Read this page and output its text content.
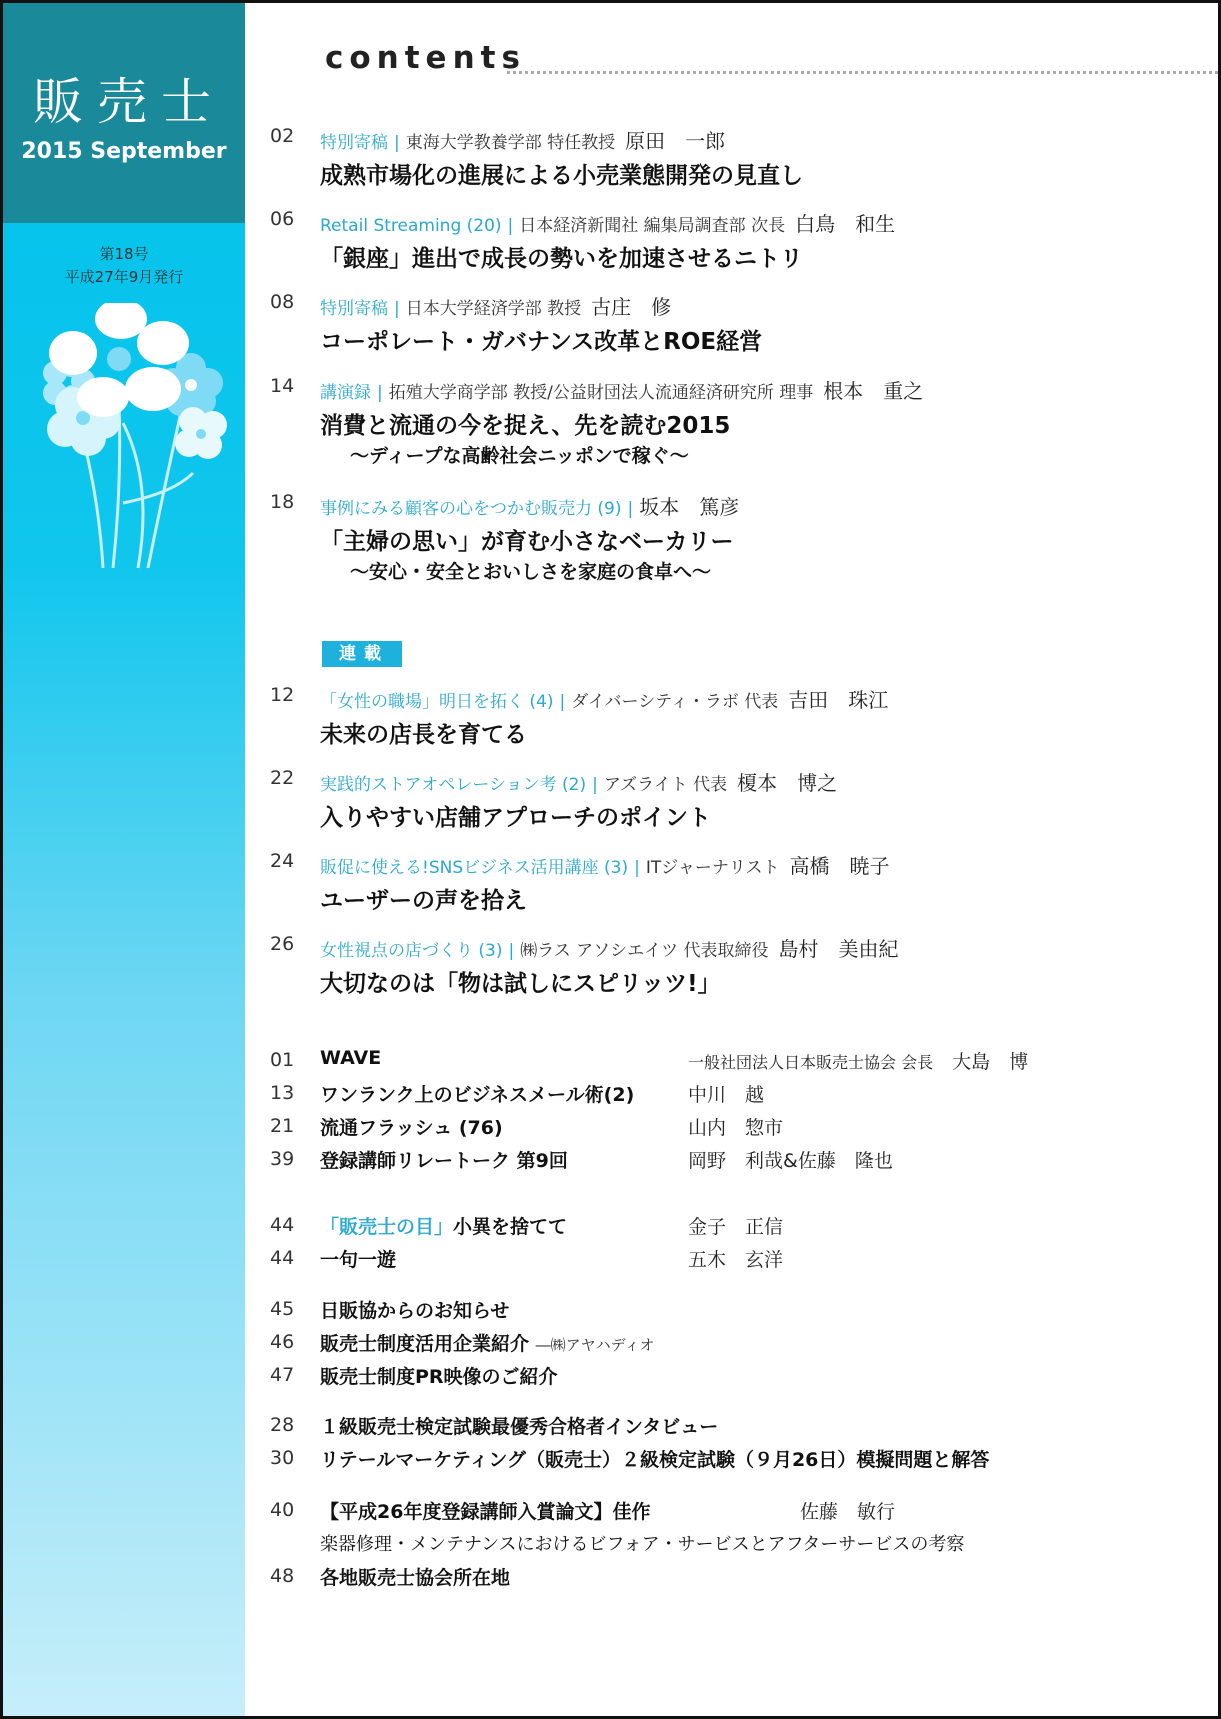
販売士
2015 September
第18号
平成27年9月発行
contents
02	特別寄稿 | 東海大学教養学部 特任教授 原田　一郎
成熟市場化の進展による小売業態開発の見直し
06	Retail Streaming (20) | 日本経済新聞社 編集局調査部 次長 白鳥　和生
「銀座」進出で成長の勢いを加速させるニトリ
08	特別寄稿 | 日本大学経済学部 教授 古庄　修
コーポレート・ガバナンス改革とROE経営
14	講演録 | 拓殖大学商学部 教授/公益財団法人流通経済研究所 理事 根本　重之
消費と流通の今を捉え、先を読む2015
〜ディープな高齢社会ニッポンで稼ぐ〜
18	事例にみる顧客の心をつかむ販売力 (9) | 坂本　篤彦
「主婦の思い」が育む小さなベーカリー
〜安心・安全とおいしさを家庭の食卓へ〜
連載
12	「女性の職場」明日を拓く (4) | ダイバーシティ・ラボ 代表 吉田　珠江
未来の店長を育てる
22	実践的ストアオペレーション考 (2) | アズライト 代表 榎本　博之
入りやすい店舗アプローチのポイント
24	販促に使える!SNSビジネス活用講座 (3) | ITジャーナリスト 高橋　暁子
ユーザーの声を拾え
26	女性視点の店づくり (3) | ㈱ラス アソシエイツ 代表取締役 島村　美由紀
大切なのは「物は試しにスピリッツ!」
01	WAVE	一般社団法人日本販売士協会 会長　 大島　博
13	ワンランク上のビジネスメール術(2)	中川　越
21	流通フラッシュ (76)	山内　惣市
39	登録講師リレートーク 第9回	岡野　利哉&佐藤　隆也
44	「販売士の目」小異を捨てて	金子　正信
44	一句一遊	五木　玄洋
45	日販協からのお知らせ
46	販売士制度活用企業紹介 ―㈱アヤハディオ
47	販売士制度PR映像のご紹介
28	１級販売士検定試験最優秀合格者インタビュー
30	リテールマーケティング（販売士）２級検定試験（９月26日）模擬問題と解答
40	【平成26年度登録講師入賞論文】佳作	佐藤　敏行
楽器修理・メンテナンスにおけるビフォア・サービスとアフターサービスの考察
48	各地販売士協会所在地
